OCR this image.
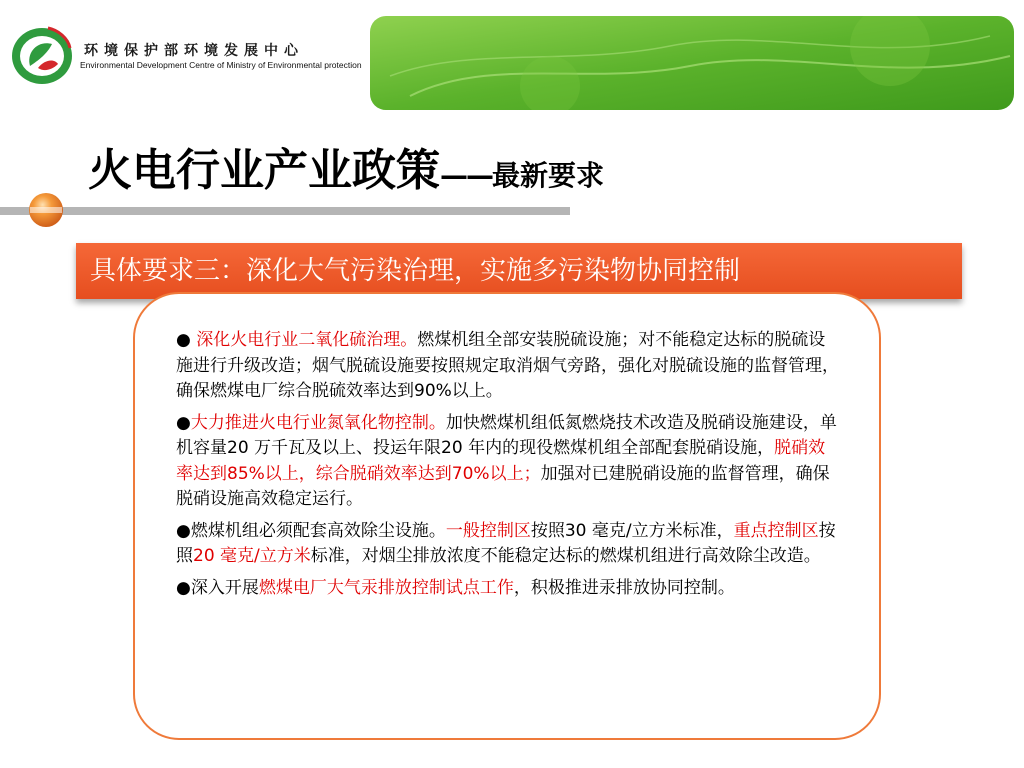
环境保护部环境发展中心
Environmental Development Centre of Ministry of Environmental protection
火电行业产业政策——最新要求
具体要求三：深化大气污染治理，实施多污染物协同控制

● 深化火电行业二氧化硫治理。燃煤机组全部安装脱硫设施；对不能稳定达标的脱硫设施进行升级改造；烟气脱硫设施要按照规定取消烟气旁路，强化对脱硫设施的监督管理，确保燃煤电厂综合脱硫效率达到90%以上。

●大力推进火电行业氮氧化物控制。加快燃煤机组低氮燃烧技术改造及脱硝设施建设，单机容量20 万千瓦及以上、投运年限20 年内的现役燃煤机组全部配套脱硝设施，脱硝效率达到85%以上，综合脱硝效率达到70%以上；加强对已建脱硝设施的监督管理，确保脱硝设施高效稳定运行。

●燃煤机组必须配套高效除尘设施。一般控制区按照30 毫克/立方米标准，重点控制区按照20 毫克/立方米标准，对烟尘排放浓度不能稳定达标的燃煤机组进行高效除尘改造。

●深入开展燃煤电厂大气汞排放控制试点工作，积极推进汞排放协同控制。
